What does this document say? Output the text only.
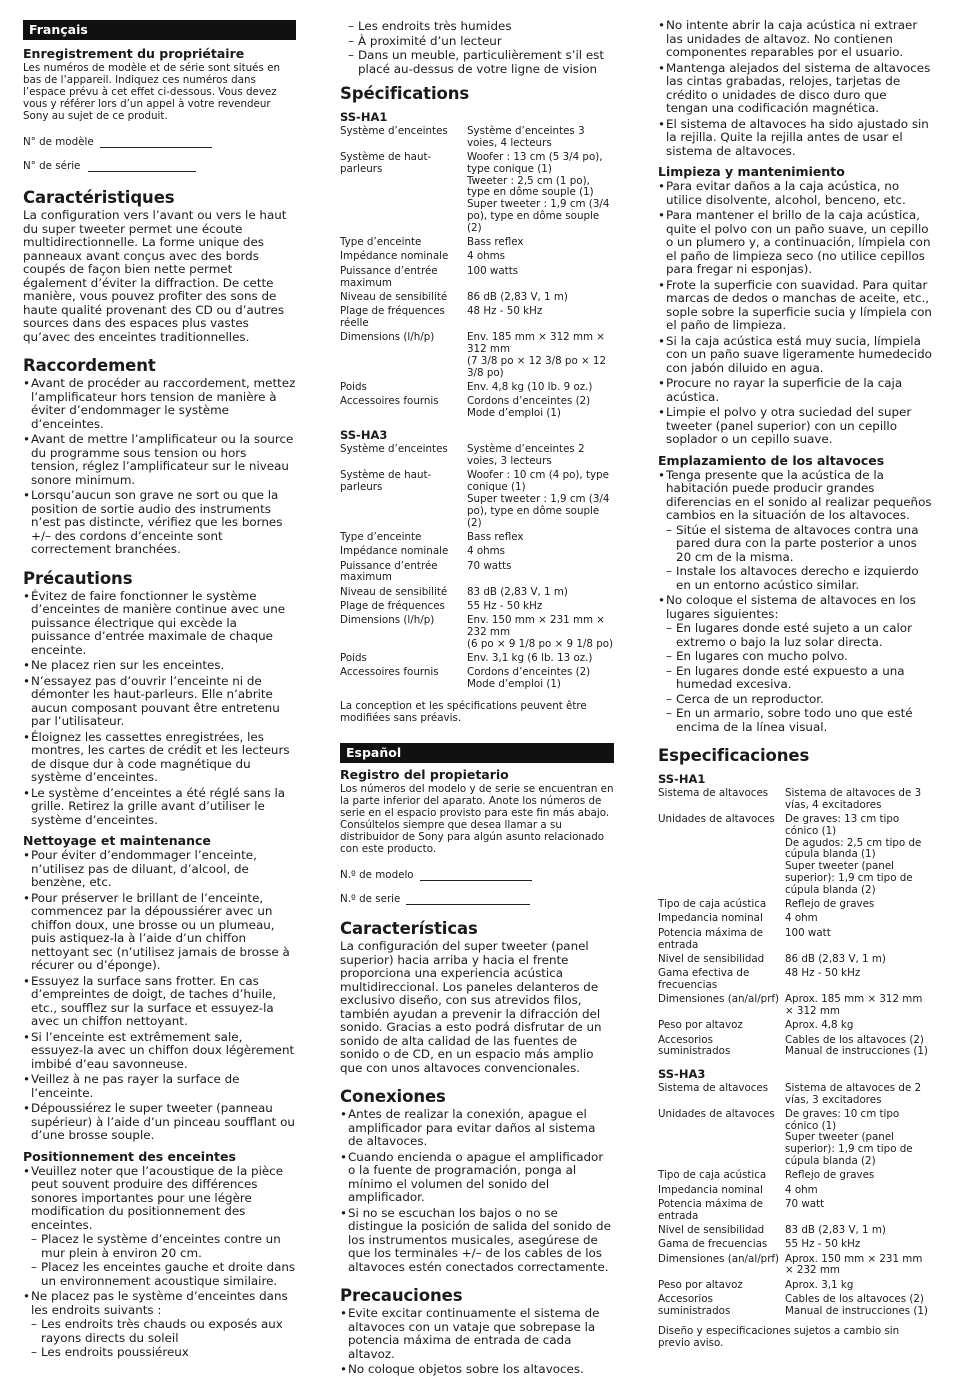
Français
Enregistrement du propriétaire

Les numéros de modèle et de série sont situés en bas de l’appareil. Indiquez ces numéros dans l’espace prévu à cet effet ci-dessous. Vous devez vous y référer lors d’un appel à votre revendeur Sony au sujet de ce produit.

N° de modèle
N° de série
Caractéristiques

La configuration vers l’avant ou vers le haut du super tweeter permet une écoute multidirectionnelle. La forme unique des panneaux avant conçus avec des bords coupés de façon bien nette permet également d’éviter la diffraction. De cette manière, vous pouvez profiter des sons de haute qualité provenant des CD ou d’autres sources dans des espaces plus vastes qu’avec des enceintes traditionnelles.

Raccordement
• Avant de procéder au raccordement, mettez l’amplificateur hors tension de manière à éviter d’endommager le système d’enceintes.
• Avant de mettre l’amplificateur ou la source du programme sous tension ou hors tension, réglez l’amplificateur sur le niveau sonore minimum.
• Lorsqu’aucun son grave ne sort ou que la position de sortie audio des instruments n’est pas distincte, vérifiez que les bornes +/– des cordons d’enceinte sont correctement branchées.
Précautions
• Évitez de faire fonctionner le système d’enceintes de manière continue avec une puissance électrique qui excède la puissance d’entrée maximale de chaque enceinte.
• Ne placez rien sur les enceintes.
• N’essayez pas d’ouvrir l’enceinte ni de démonter les haut-parleurs. Elle n’abrite aucun composant pouvant être entretenu par l’utilisateur.
• Éloignez les cassettes enregistrées, les montres, les cartes de crédit et les lecteurs de disque dur à code magnétique du système d’enceintes.
• Le système d’enceintes a été réglé sans la grille. Retirez la grille avant d’utiliser le système d’enceintes.
Nettoyage et maintenance
• Pour éviter d’endommager l’enceinte, n’utilisez pas de diluant, d’alcool, de benzène, etc.
• Pour préserver le brillant de l’enceinte, commencez par la dépoussiérer avec un chiffon doux, une brosse ou un plumeau, puis astiquez-la à l’aide d’un chiffon nettoyant sec (n’utilisez jamais de brosse à récurer ou d’éponge).
• Essuyez la surface sans frotter. En cas d’empreintes de doigt, de taches d’huile, etc., soufflez sur la surface et essuyez-la avec un chiffon nettoyant.
• Si l’enceinte est extrêmement sale, essuyez-la avec un chiffon doux légèrement imbibé d’eau savonneuse.
• Veillez à ne pas rayer la surface de l’enceinte.
• Dépoussiérez le super tweeter (panneau supérieur) à l’aide d’un pinceau soufflant ou d’une brosse souple.
Positionnement des enceintes
• Veuillez noter que l’acoustique de la pièce peut souvent produire des différences sonores importantes pour une légère modification du positionnement des enceintes.
– Placez le système d’enceintes contre un mur plein à environ 20 cm.
– Placez les enceintes gauche et droite dans un environnement acoustique similaire.
• Ne placez pas le système d’enceintes dans les endroits suivants :
– Les endroits très chauds ou exposés aux rayons directs du soleil
– Les endroits poussiéreux
– Les endroits très humides
– À proximité d’un lecteur
– Dans un meuble, particulièrement s’il est placé au-dessus de votre ligne de vision
Spécifications
SS-HA1
Système d’enceintes	Système d’enceintes 3 voies, 4 lecteurs
Système de haut-parleurs	Woofer : 13 cm (5 3/4 po), type conique (1)
Tweeter : 2,5 cm (1 po), type en dôme souple (1)
Super tweeter : 1,9 cm (3/4 po), type en dôme souple (2)
Type d’enceinte	Bass reflex
Impédance nominale	4 ohms
Puissance d’entrée maximum	100 watts
Niveau de sensibilité	86 dB (2,83 V, 1 m)
Plage de fréquences réelle	48 Hz - 50 kHz
Dimensions (l/h/p)	Env. 185 mm × 312 mm × 312 mm
(7 3/8 po × 12 3/8 po × 12 3/8 po)
Poids	Env. 4,8 kg (10 lb. 9 oz.)
Accessoires fournis	Cordons d’enceintes (2)
Mode d’emploi (1)
SS-HA3
Système d’enceintes	Système d’enceintes 2 voies, 3 lecteurs
Système de haut-parleurs	Woofer : 10 cm (4 po), type conique (1)
Super tweeter : 1,9 cm (3/4 po), type en dôme souple (2)
Type d’enceinte	Bass reflex
Impédance nominale	4 ohms
Puissance d’entrée maximum	70 watts
Niveau de sensibilité	83 dB (2,83 V, 1 m)
Plage de fréquences	55 Hz - 50 kHz
Dimensions (l/h/p)	Env. 150 mm × 231 mm × 232 mm
(6 po × 9 1/8 po × 9 1/8 po)
Poids	Env. 3,1 kg (6 lb. 13 oz.)
Accessoires fournis	Cordons d’enceintes (2)
Mode d’emploi (1)

La conception et les spécifications peuvent être modifiées sans préavis.

Español
Registro del propietario

Los números del modelo y de serie se encuentran en la parte inferior del aparato. Anote los números de serie en el espacio provisto para este fin más abajo. Consúltelos siempre que desea llamar a su distribuidor de Sony para algún asunto relacionado con este producto.

N.º de modelo
N.º de serie
Características

La configuración del super tweeter (panel superior) hacia arriba y hacia el frente proporciona una experiencia acústica multidireccional. Los paneles delanteros de exclusivo diseño, con sus atrevidos filos, también ayudan a prevenir la difracción del sonido. Gracias a esto podrá disfrutar de un sonido de alta calidad de las fuentes de sonido o de CD, en un espacio más amplio que con unos altavoces convencionales.

Conexiones
• Antes de realizar la conexión, apague el amplificador para evitar daños al sistema de altavoces.
• Cuando encienda o apague el amplificador o la fuente de programación, ponga al mínimo el volumen del sonido del amplificador.
• Si no se escuchan los bajos o no se distingue la posición de salida del sonido de los instrumentos musicales, asegúrese de que los terminales +/– de los cables de los altavoces estén conectados correctamente.
Precauciones
• Evite excitar continuamente el sistema de altavoces con un vataje que sobrepase la potencia máxima de entrada de cada altavoz.
• No coloque objetos sobre los altavoces.
• No intente abrir la caja acústica ni extraer las unidades de altavoz. No contienen componentes reparables por el usuario.
• Mantenga alejados del sistema de altavoces las cintas grabadas, relojes, tarjetas de crédito o unidades de disco duro que tengan una codificación magnética.
• El sistema de altavoces ha sido ajustado sin la rejilla. Quite la rejilla antes de usar el sistema de altavoces.
Limpieza y mantenimiento
• Para evitar daños a la caja acústica, no utilice disolvente, alcohol, benceno, etc.
• Para mantener el brillo de la caja acústica, quite el polvo con un paño suave, un cepillo o un plumero y, a continuación, límpiela con el paño de limpieza seco (no utilice cepillos para fregar ni esponjas).
• Frote la superficie con suavidad. Para quitar marcas de dedos o manchas de aceite, etc., sople sobre la superficie sucia y límpiela con el paño de limpieza.
• Si la caja acústica está muy sucia, límpiela con un paño suave ligeramente humedecido con jabón diluido en agua.
• Procure no rayar la superficie de la caja acústica.
• Limpie el polvo y otra suciedad del super tweeter (panel superior) con un cepillo soplador o un cepillo suave.
Emplazamiento de los altavoces
• Tenga presente que la acústica de la habitación puede producir grandes diferencias en el sonido al realizar pequeños cambios en la situación de los altavoces.
– Sitúe el sistema de altavoces contra una pared dura con la parte posterior a unos 20 cm de la misma.
– Instale los altavoces derecho e izquierdo en un entorno acústico similar.
• No coloque el sistema de altavoces en los lugares siguientes:
– En lugares donde esté sujeto a un calor extremo o bajo la luz solar directa.
– En lugares con mucho polvo.
– En lugares donde esté expuesto a una humedad excesiva.
– Cerca de un reproductor.
– En un armario, sobre todo uno que esté encima de la línea visual.
Especificaciones
SS-HA1
Sistema de altavoces	Sistema de altavoces de 3 vías, 4 excitadores
Unidades de altavoces	De graves: 13 cm tipo cónico (1)
De agudos: 2,5 cm tipo de cúpula blanda (1)
Super tweeter (panel superior): 1,9 cm tipo de cúpula blanda (2)
Tipo de caja acústica	Reflejo de graves
Impedancia nominal	4 ohm
Potencia máxima de entrada	100 watt
Nivel de sensibilidad	86 dB (2,83 V, 1 m)
Gama efectiva de frecuencias	48 Hz - 50 kHz
Dimensiones (an/al/prf)	Aprox. 185 mm × 312 mm × 312 mm
Peso por altavoz	Aprox. 4,8 kg
Accesorios suministrados	Cables de los altavoces (2)
Manual de instrucciones (1)
SS-HA3
Sistema de altavoces	Sistema de altavoces de 2 vías, 3 excitadores
Unidades de altavoces	De graves: 10 cm tipo cónico (1)
Super tweeter (panel superior): 1,9 cm tipo de cúpula blanda (2)
Tipo de caja acústica	Reflejo de graves
Impedancia nominal	4 ohm
Potencia máxima de entrada	70 watt
Nivel de sensibilidad	83 dB (2,83 V, 1 m)
Gama de frecuencias	55 Hz - 50 kHz
Dimensiones (an/al/prf)	Aprox. 150 mm × 231 mm × 232 mm
Peso por altavoz	Aprox. 3,1 kg
Accesorios suministrados	Cables de los altavoces (2)
Manual de instrucciones (1)

Diseño y especificaciones sujetos a cambio sin previo aviso.
